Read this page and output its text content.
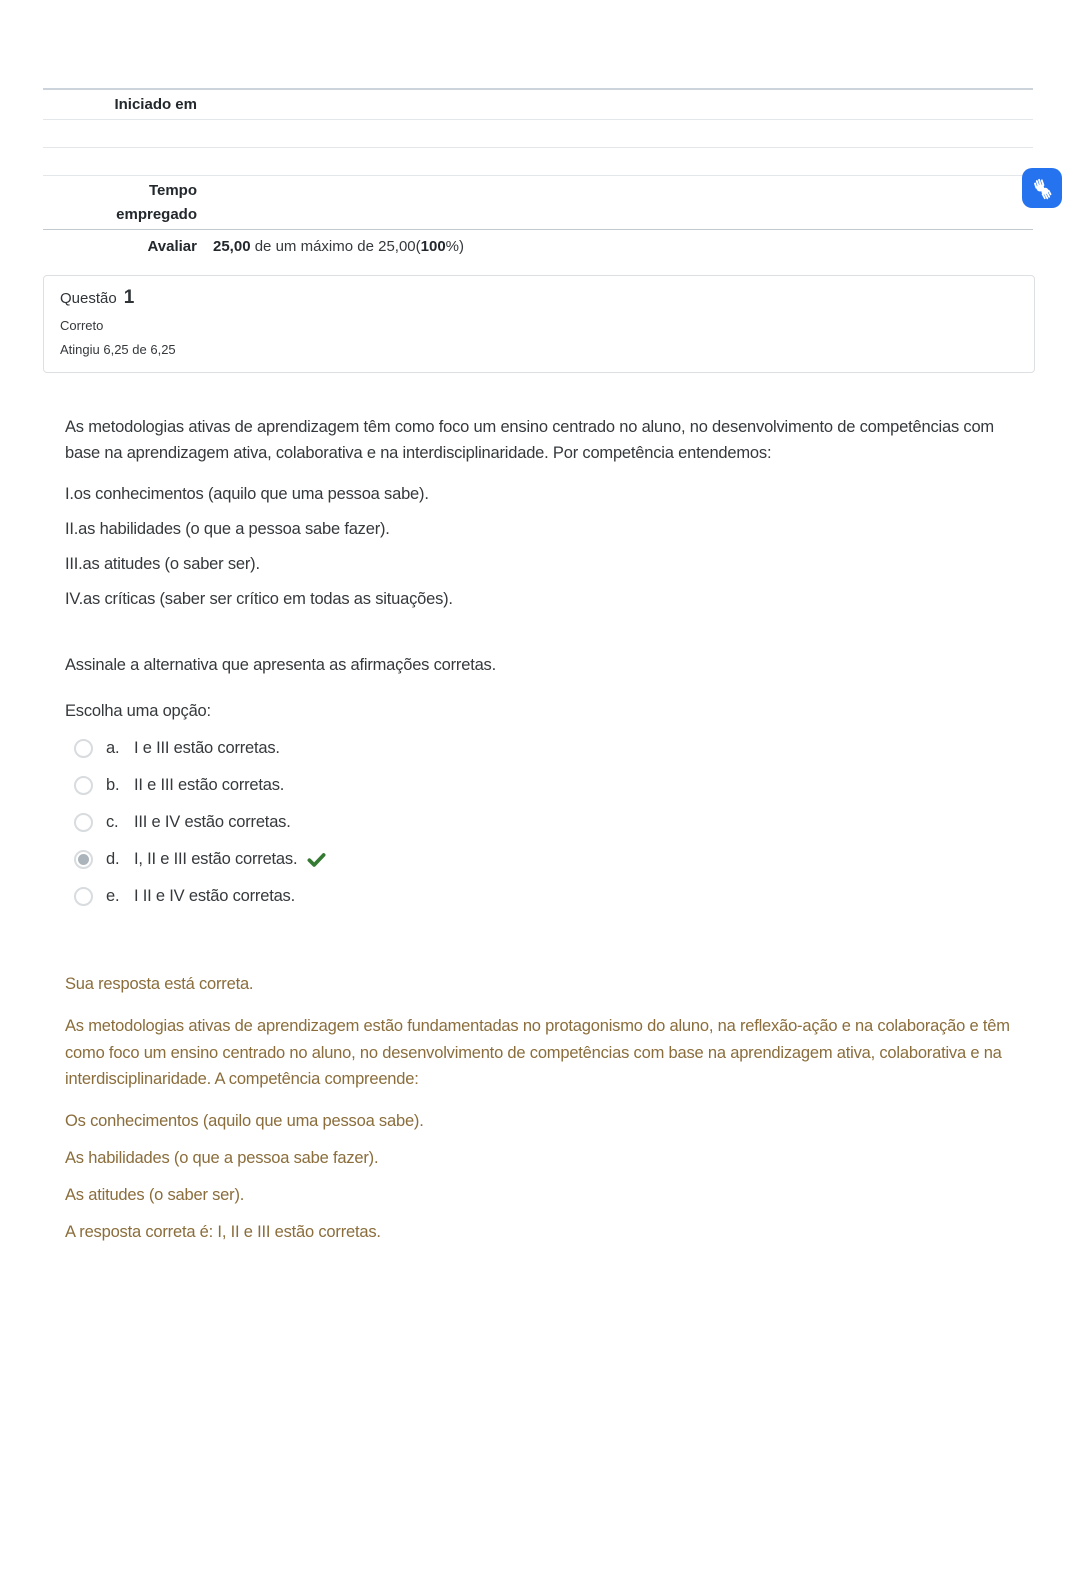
Iniciado em	

Tempo empregado	
Avaliar	25,00 de um máximo de 25,00(100%)
Questão 1
Correto
Atingiu 6,25 de 6,25

As metodologias ativas de aprendizagem têm como foco um ensino centrado no aluno, no desenvolvimento de competências com base na aprendizagem ativa, colaborativa e na interdisciplinaridade. Por competência entendemos:

I.os conhecimentos (aquilo que uma pessoa sabe).

II.as habilidades (o que a pessoa sabe fazer).

III.as atitudes (o saber ser).

IV.as críticas (saber ser crítico em todas as situações).

Assinale a alternativa que apresenta as afirmações corretas.

Escolha uma opção:

a. I e III estão corretas.
b. II e III estão corretas.
c. III e IV estão corretas.
d. I, II e III estão corretas.
e. I II e IV estão corretas.

Sua resposta está correta.

As metodologias ativas de aprendizagem estão fundamentadas no protagonismo do aluno, na reflexão-ação e na colaboração e têm como foco um ensino centrado no aluno, no desenvolvimento de competências com base na aprendizagem ativa, colaborativa e na interdisciplinaridade. A competência compreende:

Os conhecimentos (aquilo que uma pessoa sabe).

As habilidades (o que a pessoa sabe fazer).

As atitudes (o saber ser).

A resposta correta é: I, II e III estão corretas.
